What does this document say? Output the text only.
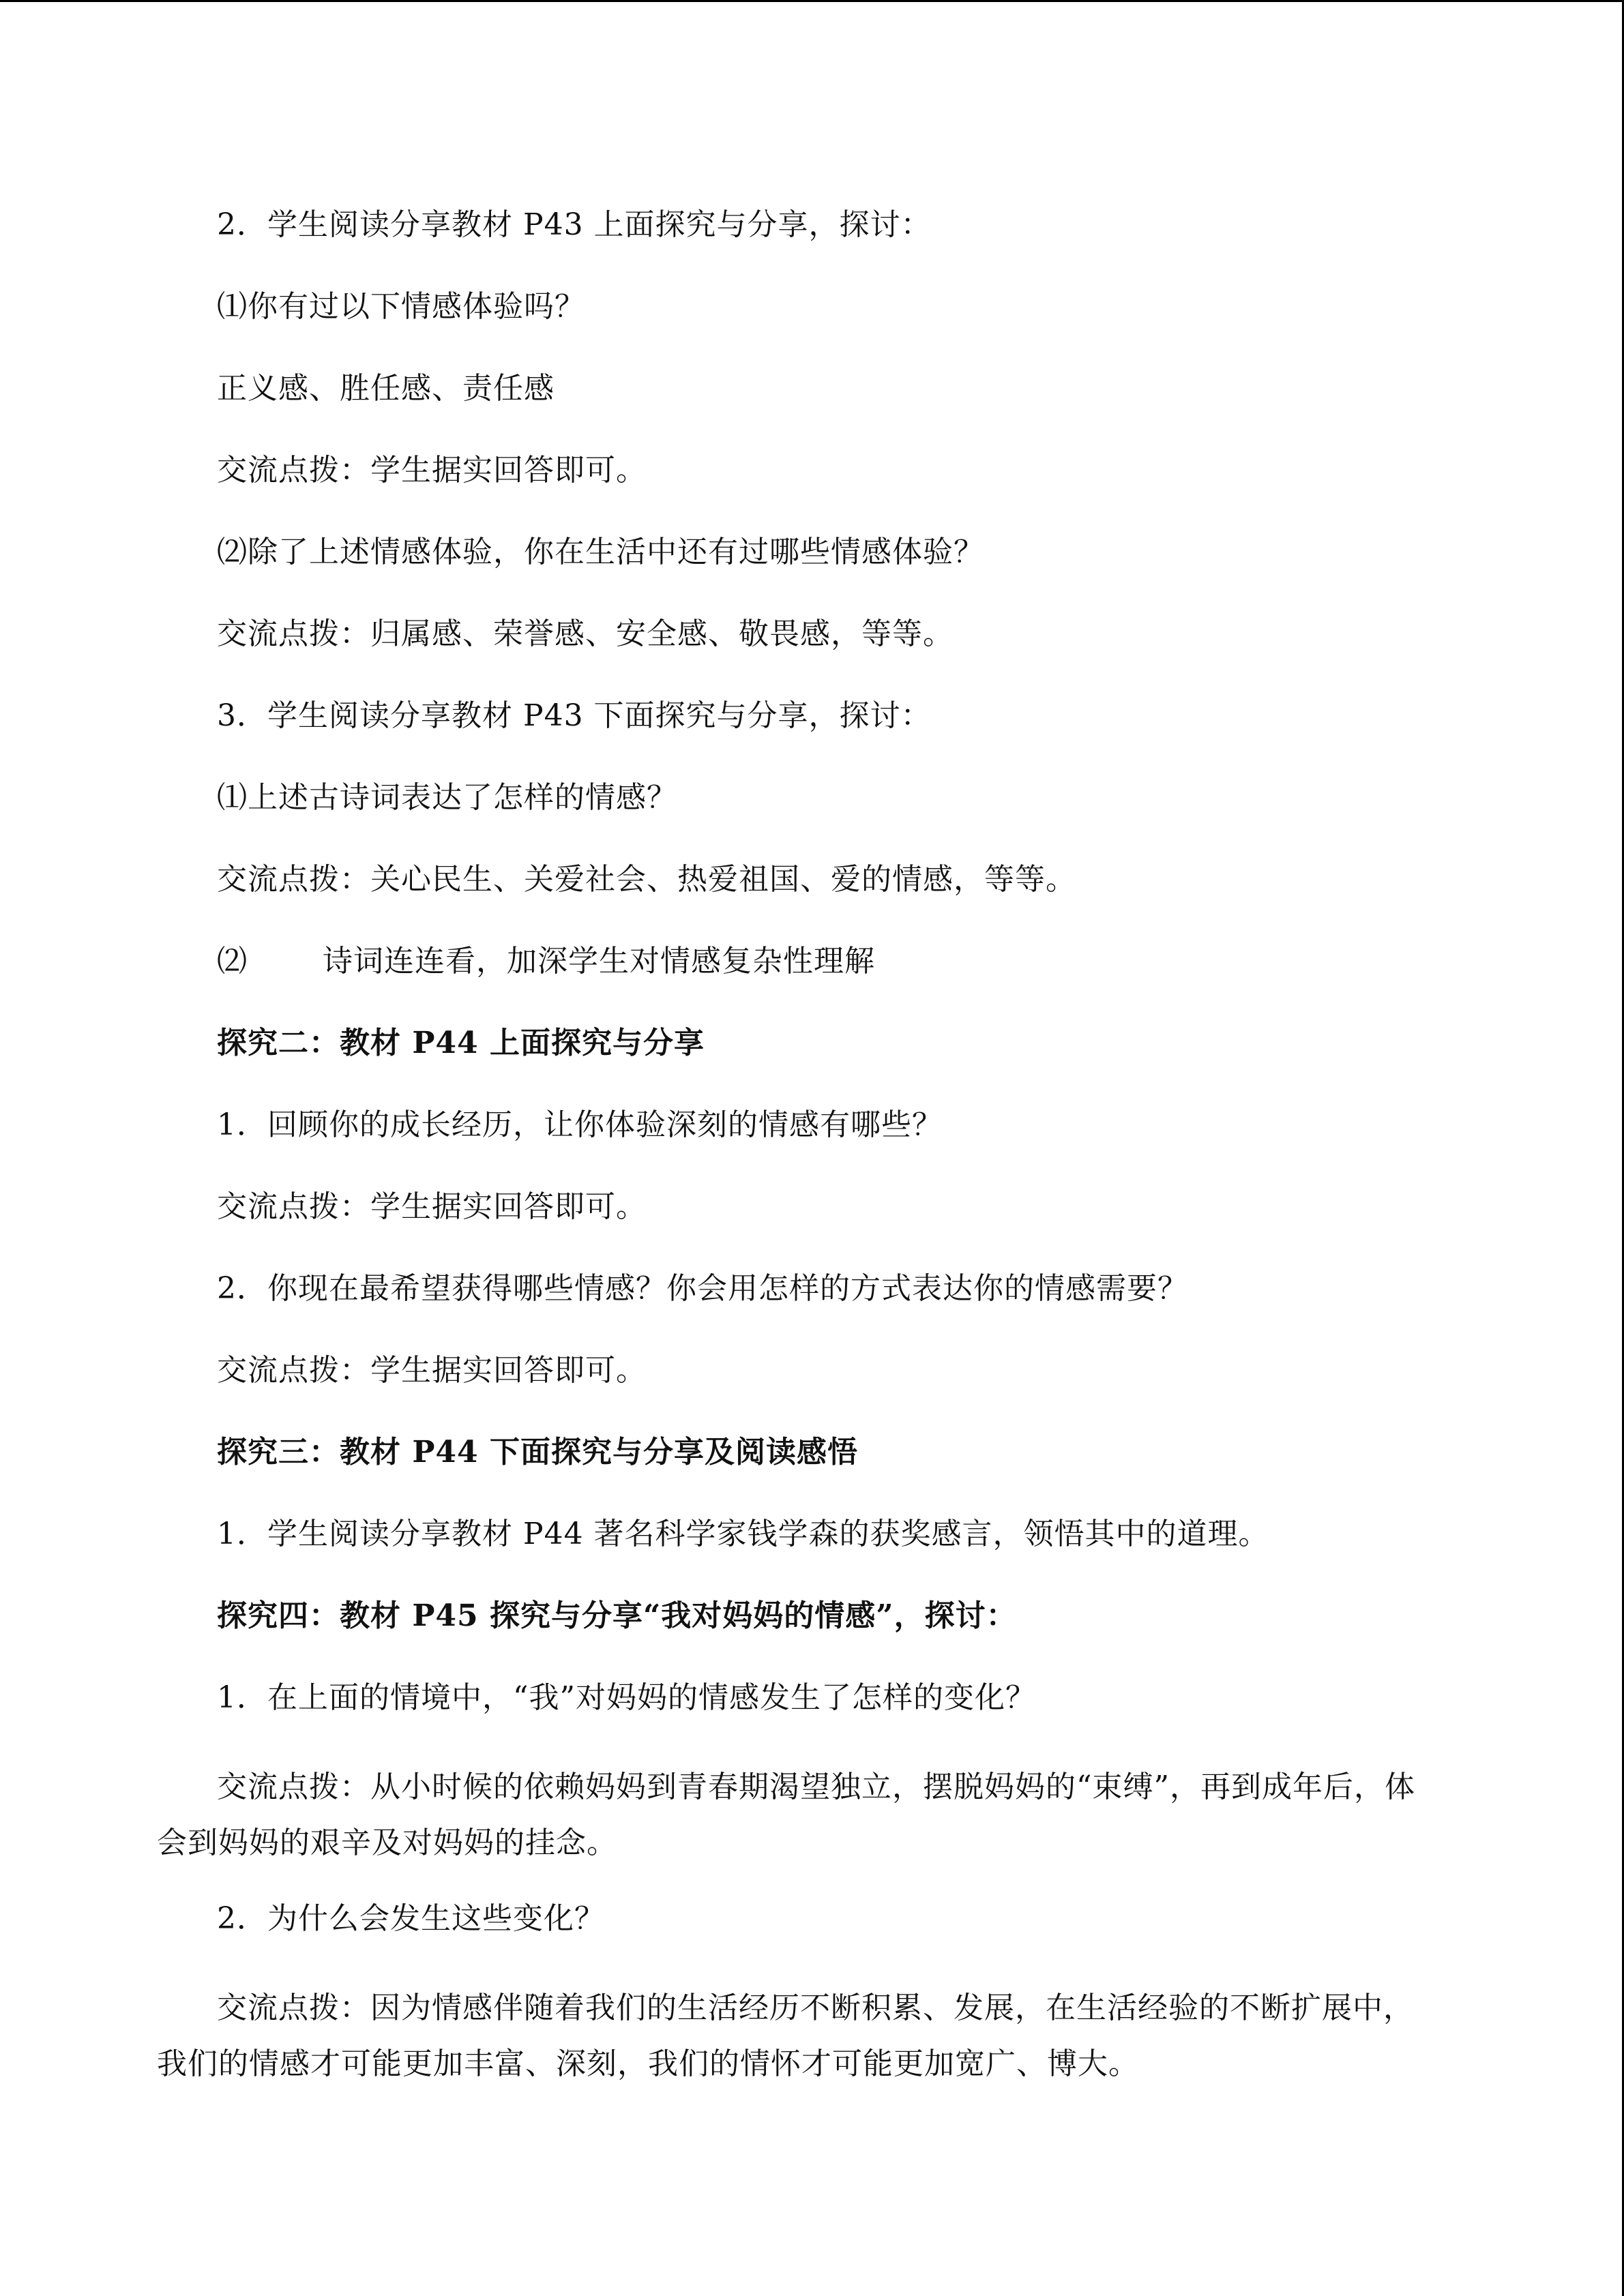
2．学生阅读分享教材 P43 上面探究与分享，探讨：

⑴你有过以下情感体验吗？

正义感、胜任感、责任感

交流点拨：学生据实回答即可。

⑵除了上述情感体验，你在生活中还有过哪些情感体验？

交流点拨：归属感、荣誉感、安全感、敬畏感，等等。

3．学生阅读分享教材 P43 下面探究与分享，探讨：

⑴上述古诗词表达了怎样的情感？

交流点拨：关心民生、关爱社会、热爱祖国、爱的情感，等等。

⑵	诗词连连看，加深学生对情感复杂性理解

探究二：教材 P44 上面探究与分享

1．回顾你的成长经历，让你体验深刻的情感有哪些？

交流点拨：学生据实回答即可。

2．你现在最希望获得哪些情感？你会用怎样的方式表达你的情感需要？

交流点拨：学生据实回答即可。

探究三：教材 P44 下面探究与分享及阅读感悟

1．学生阅读分享教材 P44 著名科学家钱学森的获奖感言，领悟其中的道理。

探究四：教材 P45 探究与分享“我对妈妈的情感”，探讨：

1．在上面的情境中，“我”对妈妈的情感发生了怎样的变化？

交流点拨：从小时候的依赖妈妈到青春期渴望独立，摆脱妈妈的“束缚”，再到成年后，体会到妈妈的艰辛及对妈妈的挂念。

2．为什么会发生这些变化？

交流点拨：因为情感伴随着我们的生活经历不断积累、发展，在生活经验的不断扩展中，我们的情感才可能更加丰富、深刻，我们的情怀才可能更加宽广、博大。
